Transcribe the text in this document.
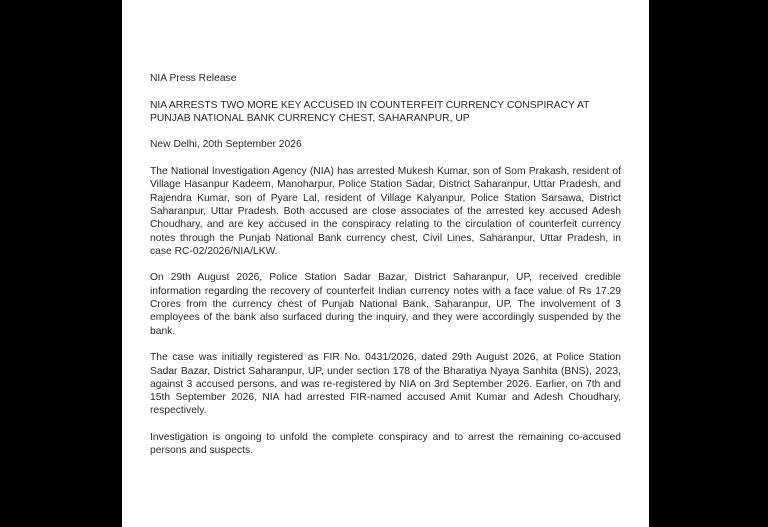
NIA Press Release

NIA ARRESTS TWO MORE KEY ACCUSED IN COUNTERFEIT CURRENCY CONSPIRACY AT PUNJAB NATIONAL BANK CURRENCY CHEST, SAHARANPUR, UP

New Delhi, 20th September 2026

The National Investigation Agency (NIA) has arrested Mukesh Kumar, son of Som Prakash, resident of Village Hasanpur Kadeem, Manoharpur, Police Station Sadar, District Saharanpur, Uttar Pradesh, and Rajendra Kumar, son of Pyare Lal, resident of Village Kalyanpur, Police Station Sarsawa, District Saharanpur, Uttar Pradesh. Both accused are close associates of the arrested key accused Adesh Choudhary, and are key accused in the conspiracy relating to the circulation of counterfeit currency notes through the Punjab National Bank currency chest, Civil Lines, Saharanpur, Uttar Pradesh, in case RC-02/2026/NIA/LKW.

On 29th August 2026, Police Station Sadar Bazar, District Saharanpur, UP, received credible information regarding the recovery of counterfeit Indian currency notes with a face value of Rs 17.29 Crores from the currency chest of Punjab National Bank, Saharanpur, UP. The involvement of 3 employees of the bank also surfaced during the inquiry, and they were accordingly suspended by the bank.

The case was initially registered as FIR No. 0431/2026, dated 29th August 2026, at Police Station Sadar Bazar, District Saharanpur, UP, under section 178 of the Bharatiya Nyaya Sanhita (BNS), 2023, against 3 accused persons, and was re-registered by NIA on 3rd September 2026. Earlier, on 7th and 15th September 2026, NIA had arrested FIR-named accused Amit Kumar and Adesh Choudhary, respectively.

Investigation is ongoing to unfold the complete conspiracy and to arrest the remaining co-accused persons and suspects.
